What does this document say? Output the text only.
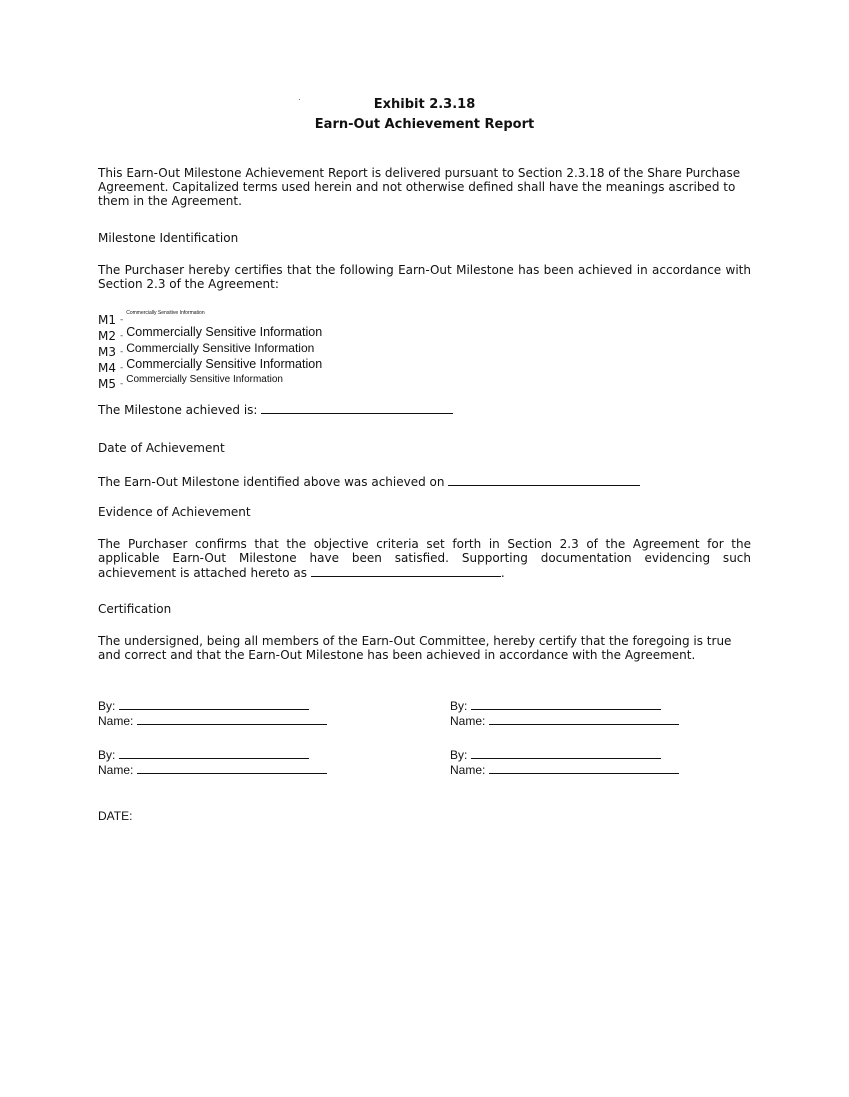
Exhibit 2.3.18
Earn-Out Achievement Report
This Earn-Out Milestone Achievement Report is delivered pursuant to Section 2.3.18 of the Share Purchase Agreement. Capitalized terms used herein and not otherwise defined shall have the meanings ascribed to them in the Agreement.
Milestone Identification
The Purchaser hereby certifies that the following Earn-Out Milestone has been achieved in accordance with Section 2.3 of the Agreement:
M1 -Commercially Sensitive Information
M2 - Commercially Sensitive Information
M3 - Commercially Sensitive Information
M4 - Commercially Sensitive Information
M5 - Commercially Sensitive Information
The Milestone achieved is:
Date of Achievement
The Earn-Out Milestone identified above was achieved on
Evidence of Achievement
The Purchaser confirms that the objective criteria set forth in Section 2.3 of the Agreement for the applicable Earn-Out Milestone have been satisfied. Supporting documentation evidencing such achievement is attached hereto as	.
Certification
The undersigned, being all members of the Earn-Out Committee, hereby certify that the foregoing is true and correct and that the Earn-Out Milestone has been achieved in accordance with the Agreement.
By:
Name:
By:
Name:
By:
Name:
By:
Name:
DATE:
